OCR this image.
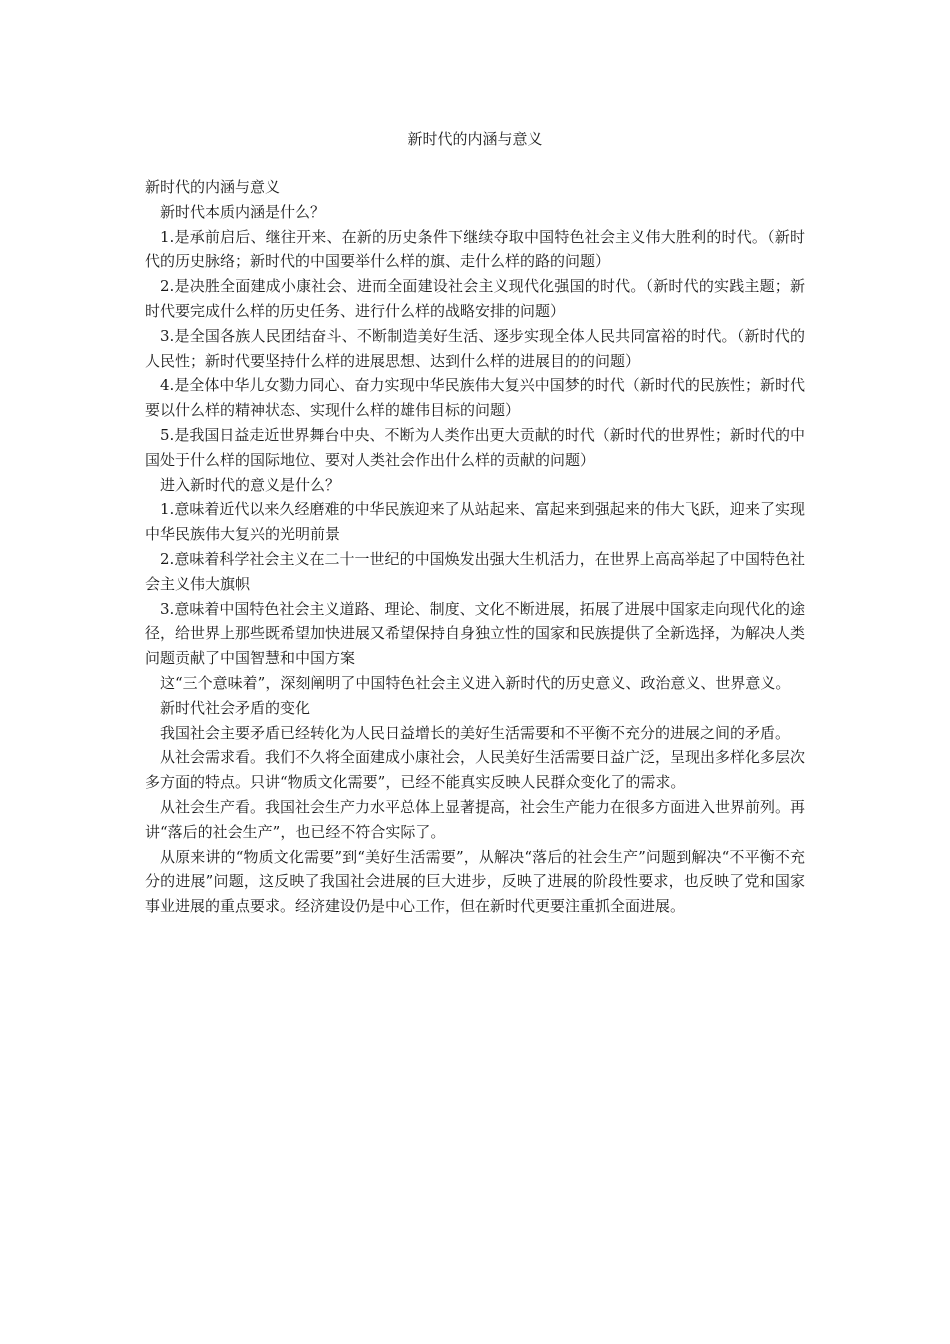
新时代的内涵与意义

新时代的内涵与意义

新时代本质内涵是什么？

1.是承前启后、继往开来、在新的历史条件下继续夺取中国特色社会主义伟大胜利的时代。（新时代的历史脉络；新时代的中国要举什么样的旗、走什么样的路的问题）

2.是决胜全面建成小康社会、进而全面建设社会主义现代化强国的时代。（新时代的实践主题；新时代要完成什么样的历史任务、进行什么样的战略安排的问题）

3.是全国各族人民团结奋斗、不断制造美好生活、逐步实现全体人民共同富裕的时代。（新时代的人民性；新时代要坚持什么样的进展思想、达到什么样的进展目的的问题）

4.是全体中华儿女勠力同心、奋力实现中华民族伟大复兴中国梦的时代（新时代的民族性；新时代要以什么样的精神状态、实现什么样的雄伟目标的问题）

5.是我国日益走近世界舞台中央、不断为人类作出更大贡献的时代（新时代的世界性；新时代的中国处于什么样的国际地位、要对人类社会作出什么样的贡献的问题）

进入新时代的意义是什么？

1.意味着近代以来久经磨难的中华民族迎来了从站起来、富起来到强起来的伟大飞跃，迎来了实现中华民族伟大复兴的光明前景

2.意味着科学社会主义在二十一世纪的中国焕发出强大生机活力，在世界上高高举起了中国特色社会主义伟大旗帜

3.意味着中国特色社会主义道路、理论、制度、文化不断进展，拓展了进展中国家走向现代化的途径，给世界上那些既希望加快进展又希望保持自身独立性的国家和民族提供了全新选择，为解决人类问题贡献了中国智慧和中国方案

这“三个意味着”，深刻阐明了中国特色社会主义进入新时代的历史意义、政治意义、世界意义。

新时代社会矛盾的变化

我国社会主要矛盾已经转化为人民日益增长的美好生活需要和不平衡不充分的进展之间的矛盾。

从社会需求看。我们不久将全面建成小康社会，人民美好生活需要日益广泛，呈现出多样化多层次多方面的特点。只讲“物质文化需要”，已经不能真实反映人民群众变化了的需求。

从社会生产看。我国社会生产力水平总体上显著提高，社会生产能力在很多方面进入世界前列。再讲“落后的社会生产”，也已经不符合实际了。

从原来讲的“物质文化需要”到“美好生活需要”，从解决“落后的社会生产”问题到解决“不平衡不充分的进展”问题，这反映了我国社会进展的巨大进步，反映了进展的阶段性要求，也反映了党和国家事业进展的重点要求。经济建设仍是中心工作，但在新时代更要注重抓全面进展。
